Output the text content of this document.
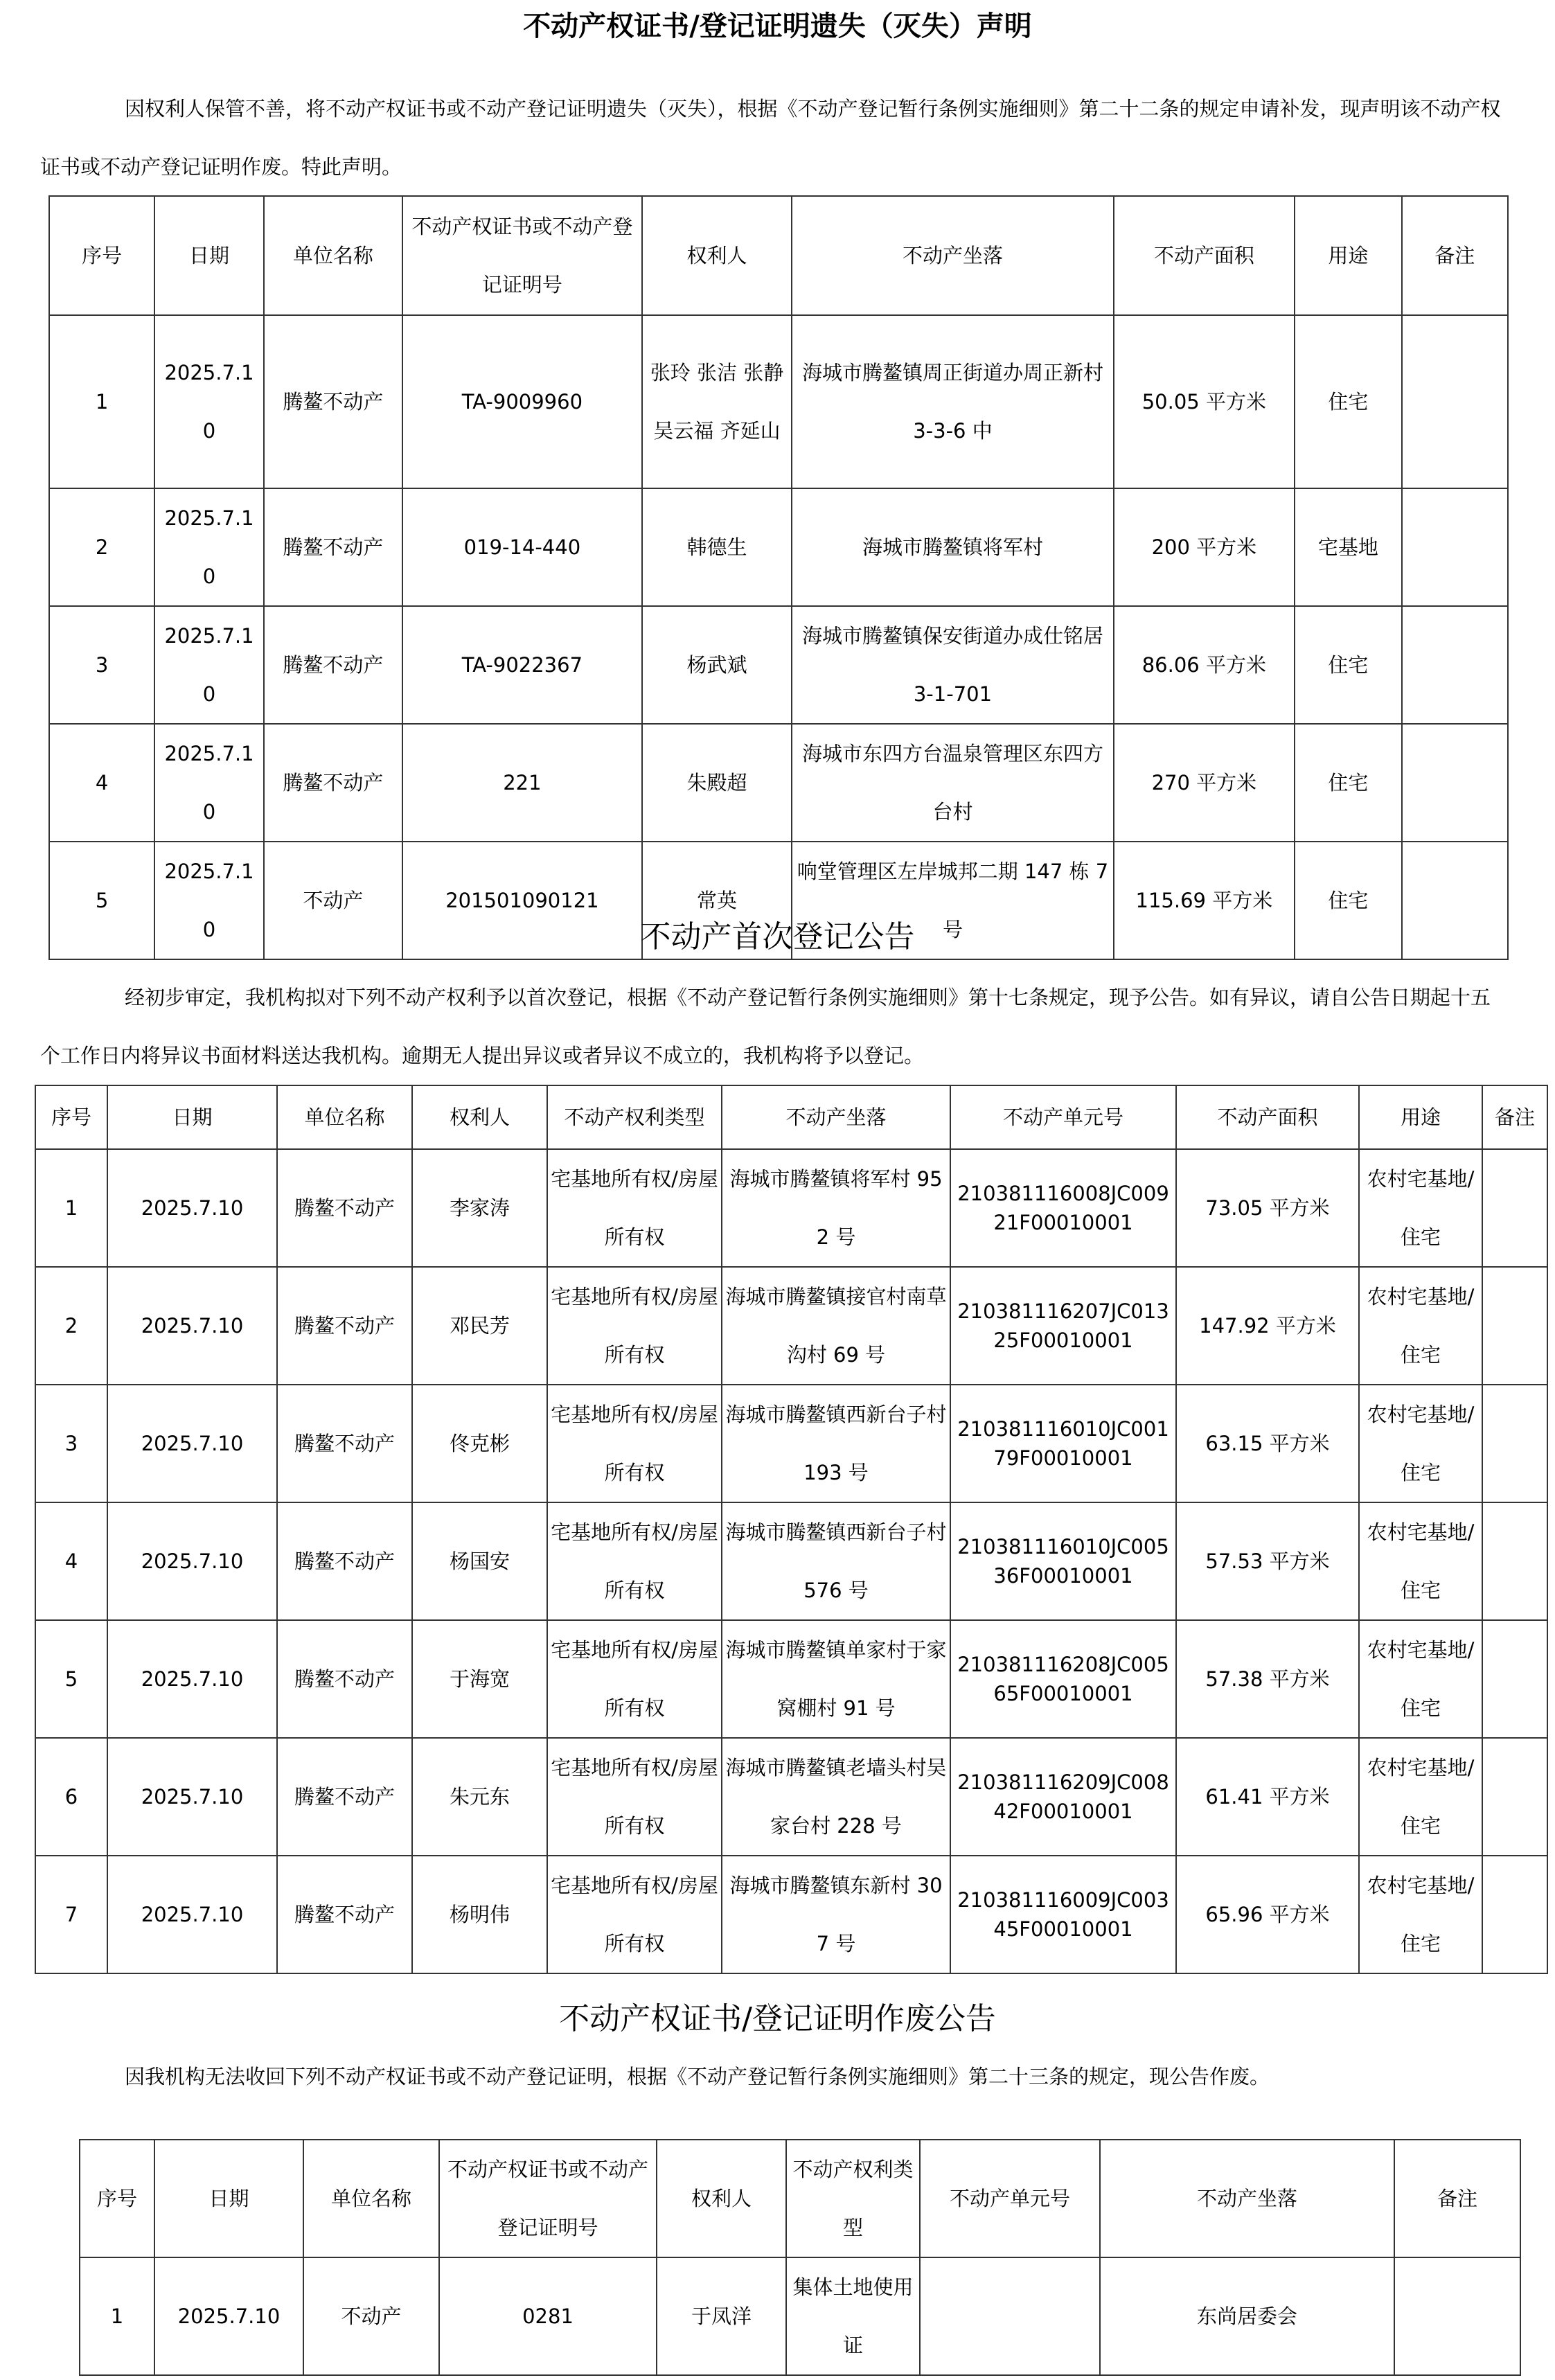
不动产权证书/登记证明遗失（灭失）声明

因权利人保管不善，将不动产权证书或不动产登记证明遗失（灭失），根据《不动产登记暂行条例实施细则》第二十二条的规定申请补发，现声明该不动产权证书或不动产登记证明作废。特此声明。

序号	日期	单位名称	不动产权证书或不动产登记证明号	权利人	不动产坐落	不动产面积	用途	备注
1	2025.7.10	腾鳌不动产	TA-9009960	张玲 张洁 张静 吴云福 齐延山	海城市腾鳌镇周正街道办周正新村 3-3-6 中	50.05 平方米	住宅	
2	2025.7.10	腾鳌不动产	019-14-440	韩德生	海城市腾鳌镇将军村	200 平方米	宅基地	
3	2025.7.10	腾鳌不动产	TA-9022367	杨武斌	海城市腾鳌镇保安街道办成仕铭居 3-1-701	86.06 平方米	住宅	
4	2025.7.10	腾鳌不动产	221	朱殿超	海城市东四方台温泉管理区东四方台村	270 平方米	住宅	
5	2025.7.10	不动产	201501090121	常英	响堂管理区左岸城邦二期 147 栋 7 号	115.69 平方米	住宅	
不动产首次登记公告

经初步审定，我机构拟对下列不动产权利予以首次登记，根据《不动产登记暂行条例实施细则》第十七条规定，现予公告。如有异议，请自公告日期起十五个工作日内将异议书面材料送达我机构。逾期无人提出异议或者异议不成立的，我机构将予以登记。

序号	日期	单位名称	权利人	不动产权利类型	不动产坐落	不动产单元号	不动产面积	用途	备注
1	2025.7.10	腾鳌不动产	李家涛	宅基地所有权/房屋所有权	海城市腾鳌镇将军村 952 号	210381116008JC00921F00010001	73.05 平方米	农村宅基地/住宅	
2	2025.7.10	腾鳌不动产	邓民芳	宅基地所有权/房屋所有权	海城市腾鳌镇接官村南草沟村 69 号	210381116207JC01325F00010001	147.92 平方米	农村宅基地/住宅	
3	2025.7.10	腾鳌不动产	佟克彬	宅基地所有权/房屋所有权	海城市腾鳌镇西新台子村 193 号	210381116010JC00179F00010001	63.15 平方米	农村宅基地/住宅	
4	2025.7.10	腾鳌不动产	杨国安	宅基地所有权/房屋所有权	海城市腾鳌镇西新台子村 576 号	210381116010JC00536F00010001	57.53 平方米	农村宅基地/住宅	
5	2025.7.10	腾鳌不动产	于海宽	宅基地所有权/房屋所有权	海城市腾鳌镇单家村于家窝棚村 91 号	210381116208JC00565F00010001	57.38 平方米	农村宅基地/住宅	
6	2025.7.10	腾鳌不动产	朱元东	宅基地所有权/房屋所有权	海城市腾鳌镇老墙头村吴家台村 228 号	210381116209JC00842F00010001	61.41 平方米	农村宅基地/住宅	
7	2025.7.10	腾鳌不动产	杨明伟	宅基地所有权/房屋所有权	海城市腾鳌镇东新村 307 号	210381116009JC00345F00010001	65.96 平方米	农村宅基地/住宅	
不动产权证书/登记证明作废公告

因我机构无法收回下列不动产权证书或不动产登记证明，根据《不动产登记暂行条例实施细则》第二十三条的规定，现公告作废。

序号	日期	单位名称	不动产权证书或不动产登记证明号	权利人	不动产权利类型	不动产单元号	不动产坐落	备注
1	2025.7.10	不动产	0281	于凤洋	集体土地使用证		东尚居委会	
